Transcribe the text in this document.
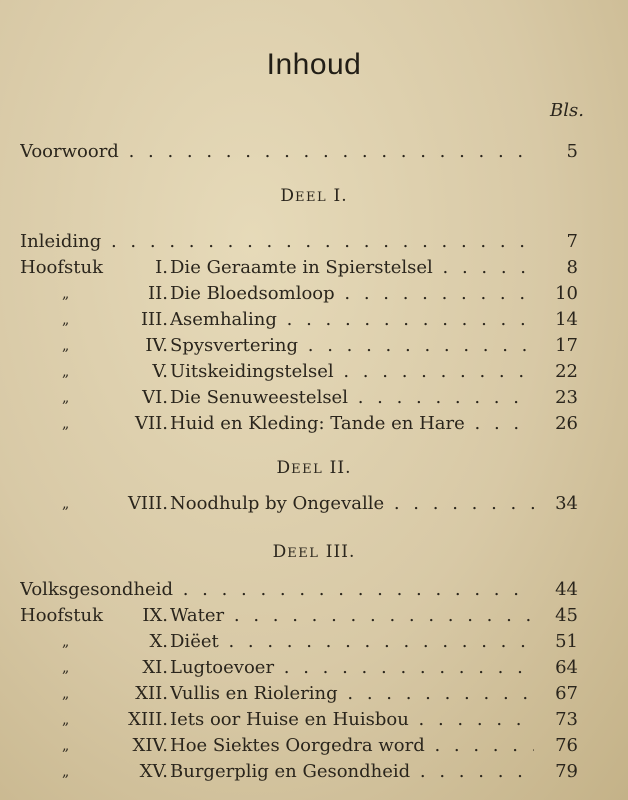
Inhoud
Bls.
Voorwoord . . .	5
DEEL I.
Inleiding . . .	7
Hoofstuk	I. Die Geraamte in Spierstelsel . . .	8
„	II. Die Bloedsomloop . . .	10
„	III. Asemhaling . . .	14
„	IV. Spysvertering . . .	17
„	V. Uitskeidingstelsel . . .	22
„	VI. Die Senuweestelsel . . .	23
„	VII. Huid en Kleding: Tande en Hare . . .	26
DEEL II.
„	VIII. Noodhulp by Ongevalle . . .	34
DEEL III.
Volksgesondheid . . .	44
Hoofstuk IX. Water . . .	45
„	X. Diëet . . .	51
„	XI. Lugtoevoer . . .	64
„	XII. Vullis en Riolering . . .	67
„	XIII. Iets oor Huise en Huisbou . . .	73
„	XIV. Hoe Siektes Oorgedra word . . .	76
„	XV. Burgerplig en Gesondheid . . .	79
